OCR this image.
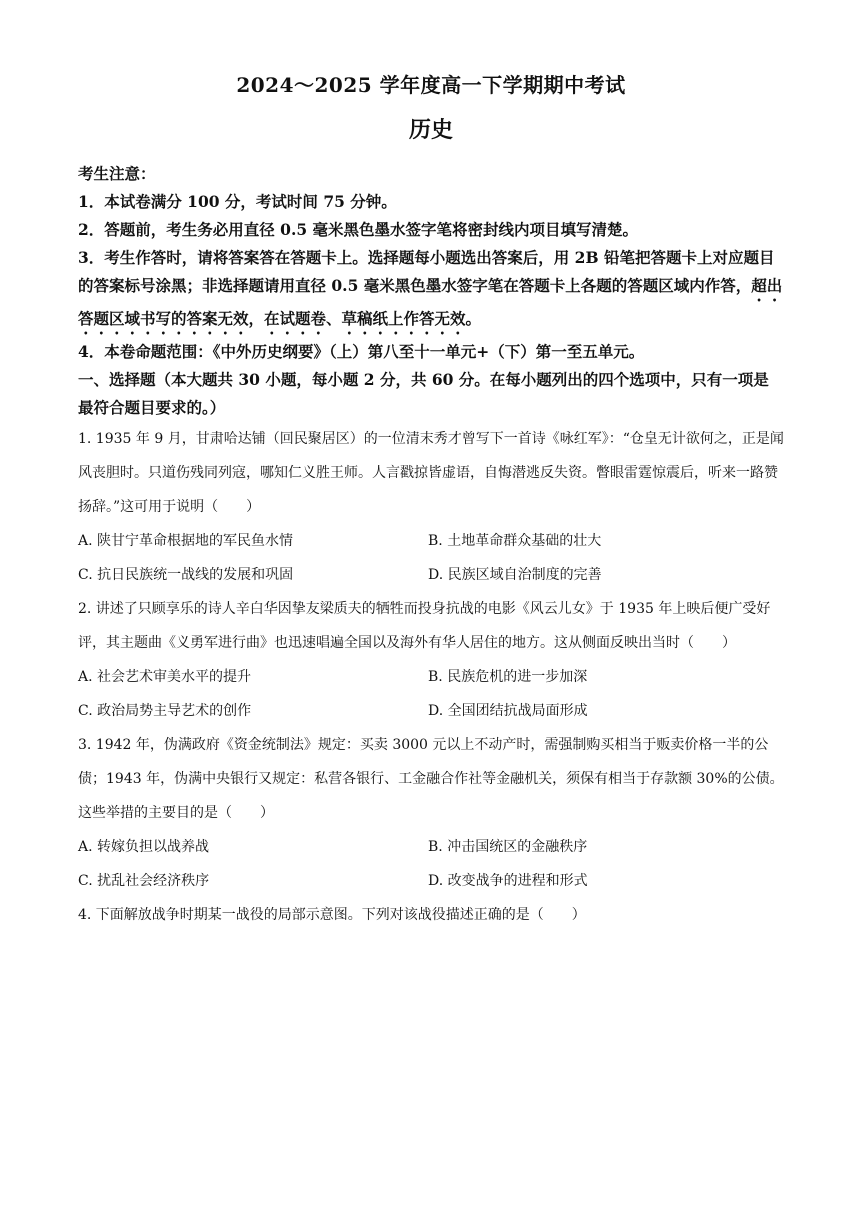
2024～2025 学年度高一下学期期中考试
历史
考生注意：

1．本试卷满分 100 分，考试时间 75 分钟。

2．答题前，考生务必用直径 0.5 毫米黑色墨水签字笔将密封线内项目填写清楚。

3．考生作答时，请将答案答在答题卡上。选择题每小题选出答案后，用 2B 铅笔把答题卡上对应题目的答案标号涂黑；非选择题请用直径 0.5 毫米黑色墨水签字笔在答题卡上各题的答题区域内作答，超出答题区域书写的答案无效，在试题卷、草稿纸上作答无效。

4．本卷命题范围：《中外历史纲要》（上）第八至十一单元+（下）第一至五单元。

一、选择题（本大题共 30 小题，每小题 2 分，共 60 分。在每小题列出的四个选项中，只有一项是最符合题目要求的。）

1. 1935 年 9 月，甘肃哈达铺（回民聚居区）的一位清末秀才曾写下一首诗《咏红军》：“仓皇无计欲何之，正是闻风丧胆时。只道伤残同列寇，哪知仁义胜王师。人言戳掠皆虚语，自悔潜逃反失资。瞥眼雷霆惊震后，听来一路赞扬辞。”这可用于说明（　　）

A. 陕甘宁革命根据地的军民鱼水情	B. 土地革命群众基础的壮大
C. 抗日民族统一战线的发展和巩固	D. 民族区域自治制度的完善

2. 讲述了只顾享乐的诗人辛白华因挚友梁质夫的牺牲而投身抗战的电影《风云儿女》于 1935 年上映后便广受好评，其主题曲《义勇军进行曲》也迅速唱遍全国以及海外有华人居住的地方。这从侧面反映出当时（　　）

A. 社会艺术审美水平的提升	B. 民族危机的进一步加深
C. 政治局势主导艺术的创作	D. 全国团结抗战局面形成

3. 1942 年，伪满政府《资金统制法》规定：买卖 3000 元以上不动产时，需强制购买相当于贩卖价格一半的公债；1943 年，伪满中央银行又规定：私营各银行、工金融合作社等金融机关，须保有相当于存款额 30%的公债。这些举措的主要目的是（　　）

A. 转嫁负担以战养战	B. 冲击国统区的金融秩序
C. 扰乱社会经济秩序	D. 改变战争的进程和形式

4. 下面解放战争时期某一战役的局部示意图。下列对该战役描述正确的是（　　）
